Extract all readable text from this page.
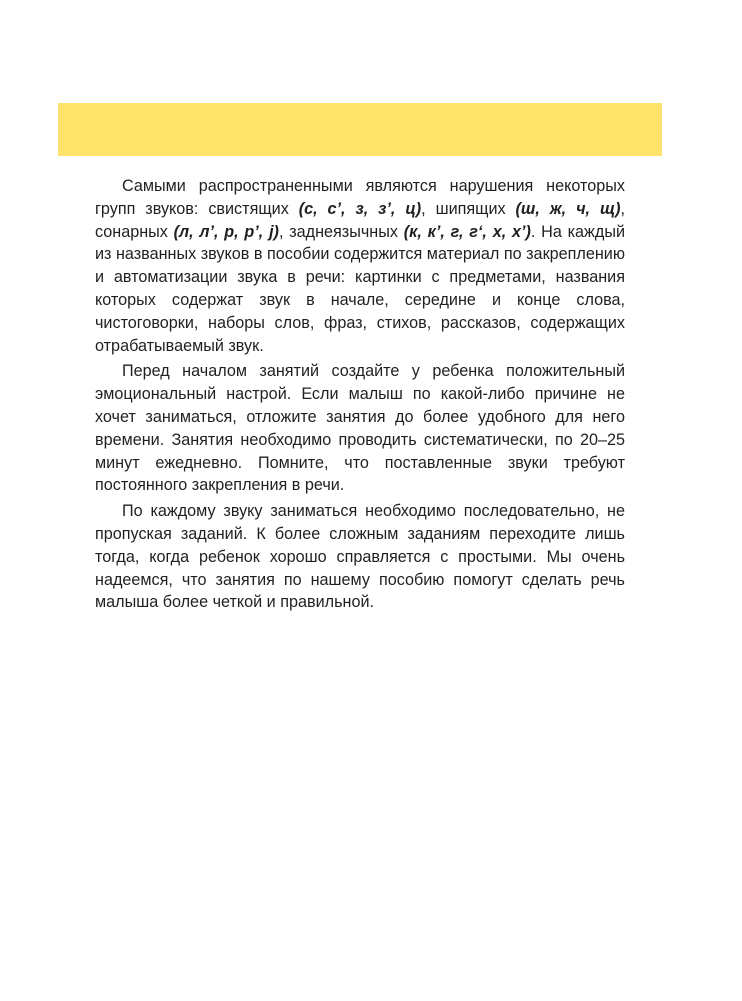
Самыми распространенными являются нарушения некоторых групп звуков: свистящих (с, с’, з, з’, ц), шипящих (ш, ж, ч, щ), сонарных (л, л’, р, р’, j), заднеязычных (к, к’, г, г‘, х, х’). На каждый из названных звуков в пособии содержится материал по закреплению и автоматизации звука в речи: картинки с предметами, названия которых содержат звук в начале, середине и конце слова, чистоговорки, наборы слов, фраз, стихов, рассказов, содержащих отрабатываемый звук.

Перед началом занятий создайте у ребенка положительный эмоциональный настрой. Если малыш по какой-либо причине не хочет заниматься, отложите занятия до более удобного для него времени. Занятия необходимо проводить систематически, по 20–25 минут ежедневно. Помните, что поставленные звуки требуют постоянного закрепления в речи.

По каждому звуку заниматься необходимо последовательно, не пропуская заданий. К более сложным заданиям переходите лишь тогда, когда ребенок хорошо справляется с простыми. Мы очень надеемся, что занятия по нашему пособию помогут сделать речь малыша более четкой и правильной.
